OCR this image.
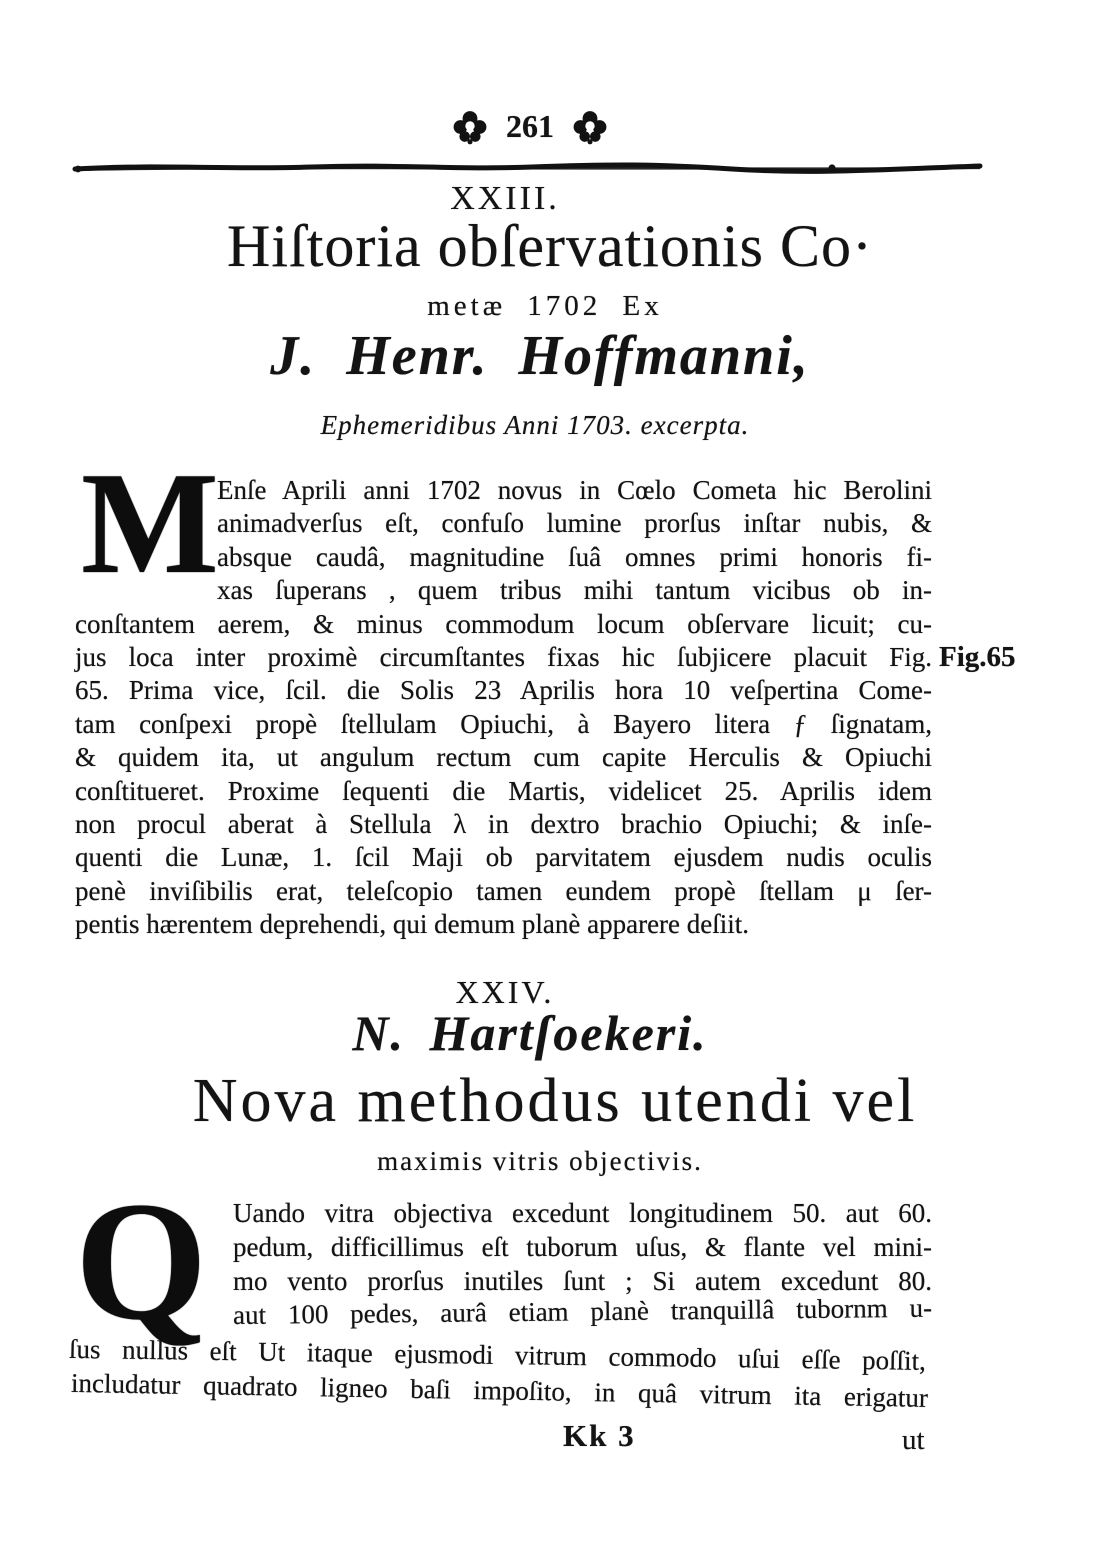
261
XXIII.
Hiſtoria obſervationis Co·
metæ 1702 Ex
J. Henr. Hoffmanni,
Ephemeridibus Anni 1703. excerpta.
M
Enſe Aprili anni 1702 novus in Cœlo Cometa hic Berolini
animadverſus eſt, confuſo lumine prorſus inſtar nubis, &
absque caudâ, magnitudine ſuâ omnes primi honoris fi-
xas ſuperans , quem tribus mihi tantum vicibus ob in-
conſtantem aerem, & minus commodum locum obſervare licuit; cu-
jus loca inter proximè circumſtantes fixas hic ſubjicere placuit Fig.
65. Prima vice, ſcil. die Solis 23 Aprilis hora 10 veſpertina Come-
tam conſpexi propè ſtellulam Opiuchi, à Bayero litera ƒ ſignatam,
& quidem ita, ut angulum rectum cum capite Herculis & Opiuchi
conſtitueret. Proxime ſequenti die Martis, videlicet 25. Aprilis idem
non procul aberat à Stellula λ in dextro brachio Opiuchi; & inſe-
quenti die Lunæ, 1. ſcil Maji ob parvitatem ejusdem nudis oculis
penè inviſibilis erat, teleſcopio tamen eundem propè ſtellam μ ſer-
pentis hærentem deprehendi, qui demum planè apparere deſiit.
Fig.65
XXIV.
N. Hartſoekeri.
Nova methodus utendi vel
maximis vitris objectivis.
Q Uando vitra objectiva excedunt longitudinem 50. aut 60.
pedum, difficillimus eſt tuborum uſus, & flante vel mini-
mo vento prorſus inutiles ſunt ; Si autem excedunt 80.
aut 100 pedes, aurâ etiam planè tranquillâ tubornm u-
ſus nullus eſt Ut itaque ejusmodi vitrum commodo uſui eſſe poſſit,
includatur quadrato ligneo baſi impoſito, in quâ vitrum ita erigatur
Kk 3	ut
